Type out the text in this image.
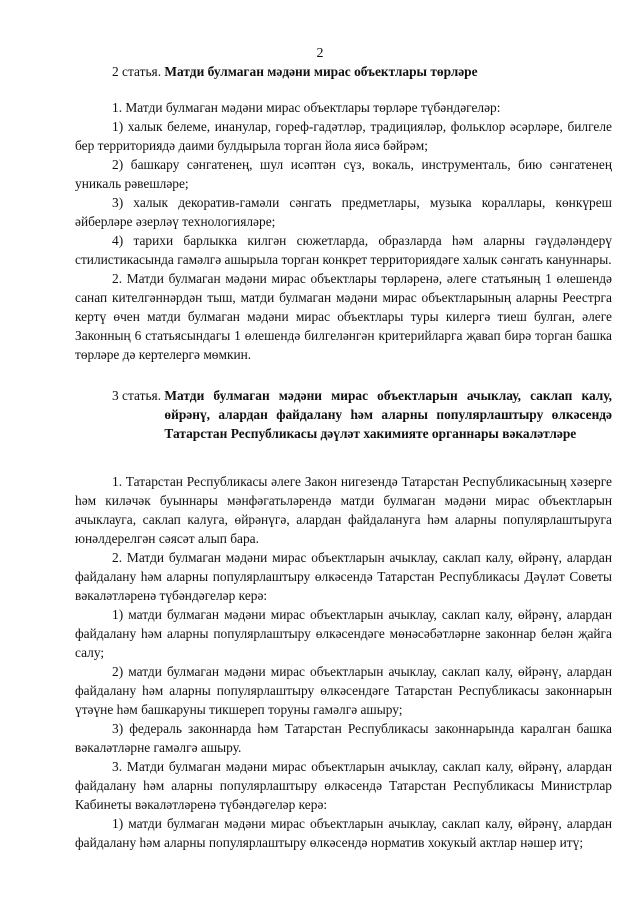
2
2 статья. Матди булмаган мәдәни мирас объектлары төрләре

1. Матди булмаган мәдәни мирас объектлары төрләре түбәндәгеләр:

1) халык белеме, инанулар, гореф-гадәтләр, традицияләр, фольклор әсәрләре, билгеле бер территориядә даими булдырыла торган йола яисә бәйрәм;

2) башкару сәнгатенең, шул исәптән сүз, вокаль, инструменталь, бию сәнгатенең уникаль рәвешләре;

3) халык декоратив-гамәли сәнгать предметлары, музыка кораллары, көнкүреш әйберләре әзерләү технологияләре;

4) тарихи барлыкка килгән сюжетларда, образларда һәм аларны гәүдәләндерү стилистикасында гамәлгә ашырыла торган конкрет территориядәге халык сәнгать кануннары.

2. Матди булмаган мәдәни мирас объектлары төрләренә, әлеге статьяның 1 өлешендә санап кителгәннәрдән тыш, матди булмаган мәдәни мирас объектларының аларны Реестрга кертү өчен матди булмаган мәдәни мирас объектлары туры килергә тиеш булган, әлеге Законның 6 статьясындагы 1 өлешендә билгеләнгән критерийларга җавап бирә торган башка төрләре дә кертелергә мөмкин.

3 статья. Матди булмаган мәдәни мирас объектларын ачыклау, саклап калу, өйрәнү, алардан файдалану һәм аларны популярлаштыру өлкәсендә Татарстан Республикасы дәүләт хакимияте органнары вәкаләтләре

1. Татарстан Республикасы әлеге Закон нигезендә Татарстан Республикасының хәзерге һәм киләчәк буыннары мәнфәгатьләрендә матди булмаган мәдәни мирас объектларын ачыклауга, саклап калуга, өйрәнүгә, алардан файдалануга һәм аларны популярлаштыруга юнәлдерелгән сәясәт алып бара.

2. Матди булмаган мәдәни мирас объектларын ачыклау, саклап калу, өйрәнү, алардан файдалану һәм аларны популярлаштыру өлкәсендә Татарстан Республикасы Дәүләт Советы вәкаләтләренә түбәндәгеләр керә:

1) матди булмаган мәдәни мирас объектларын ачыклау, саклап калу, өйрәнү, алардан файдалану һәм аларны популярлаштыру өлкәсендәге мөнәсәбәтләрне законнар белән җайга салу;

2) матди булмаган мәдәни мирас объектларын ачыклау, саклап калу, өйрәнү, алардан файдалану һәм аларны популярлаштыру өлкәсендәге Татарстан Республикасы законнарын үтәүне һәм башкаруны тикшереп торуны гамәлгә ашыру;

3) федераль законнарда һәм Татарстан Республикасы законнарында каралган башка вәкаләтләрне гамәлгә ашыру.

3. Матди булмаган мәдәни мирас объектларын ачыклау, саклап калу, өйрәнү, алардан файдалану һәм аларны популярлаштыру өлкәсендә Татарстан Республикасы Министрлар Кабинеты вәкаләтләренә түбәндәгеләр керә:

1) матди булмаган мәдәни мирас объектларын ачыклау, саклап калу, өйрәнү, алардан файдалану һәм аларны популярлаштыру өлкәсендә норматив хокукый актлар нәшер итү;
